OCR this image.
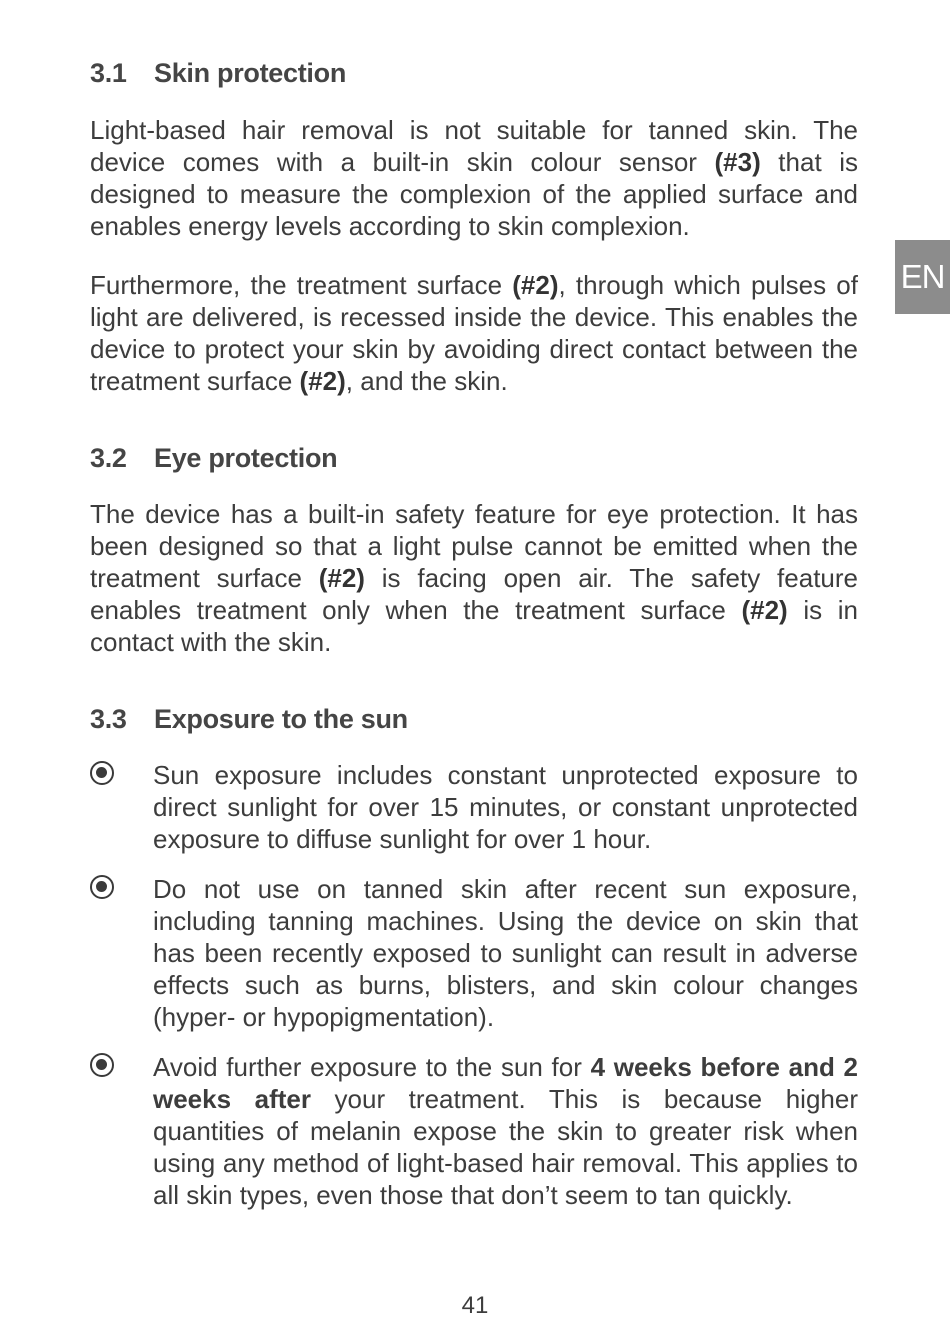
3.1 Skin protection

Light-based hair removal is not suitable for tanned skin. The device comes with a built-in skin colour sensor (#3) that is designed to measure the complexion of the applied surface and enables energy levels according to skin complexion.

Furthermore, the treatment surface (#2), through which pulses of light are delivered, is recessed inside the device. This enables the device to protect your skin by avoiding direct contact between the treatment surface (#2), and the skin.

3.2 Eye protection

The device has a built-in safety feature for eye protection. It has been designed so that a light pulse cannot be emitted when the treatment surface (#2) is facing open air. The safety feature enables treatment only when the treatment surface (#2) is in contact with the skin.

3.3 Exposure to the sun
Sun exposure includes constant unprotected exposure to direct sunlight for over 15 minutes, or constant unprotected exposure to diffuse sunlight for over 1 hour.
Do not use on tanned skin after recent sun exposure, including tanning machines. Using the device on skin that has been recently exposed to sunlight can result in adverse effects such as burns, blisters, and skin colour changes (hyper- or hypopigmentation).
Avoid further exposure to the sun for 4 weeks before and 2 weeks after your treatment. This is because higher quantities of melanin expose the skin to greater risk when using any method of light-based hair removal. This applies to all skin types, even those that don’t seem to tan quickly.
EN
41
